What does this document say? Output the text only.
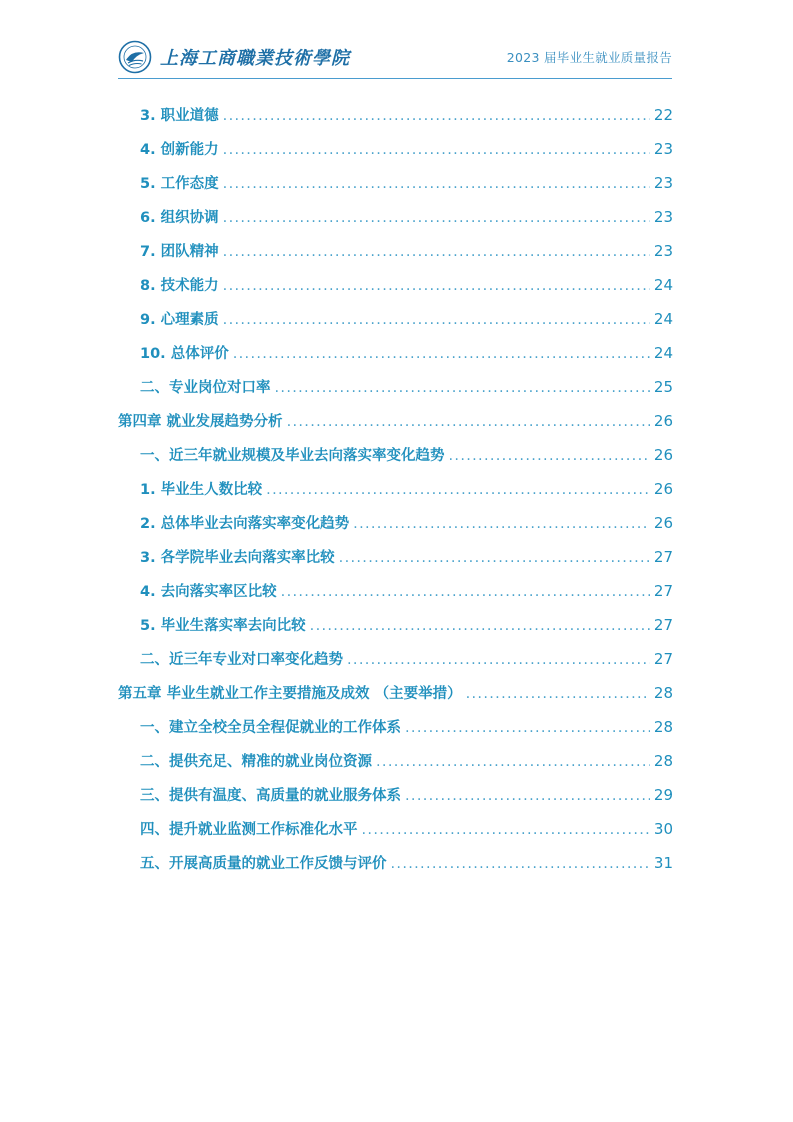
上海工商職業技術學院	2023 届毕业生就业质量报告
3. 职业道德 .....	22
4. 创新能力 .....	23
5. 工作态度 .....	23
6. 组织协调 .....	23
7. 团队精神 .....	23
8. 技术能力 .....	24
9. 心理素质 .....	24
10. 总体评价 .....	24
二、专业岗位对口率 .....	25
第四章 就业发展趋势分析 .....	26
一、近三年就业规模及毕业去向落实率变化趋势 .....	26
1. 毕业生人数比较 .....	26
2. 总体毕业去向落实率变化趋势 .....	26
3. 各学院毕业去向落实率比较 .....	27
4. 去向落实率区比较 .....	27
5. 毕业生落实率去向比较 .....	27
二、近三年专业对口率变化趋势 .....	27
第五章 毕业生就业工作主要措施及成效 （主要举措） .....	28
一、建立全校全员全程促就业的工作体系 .....	28
二、提供充足、精准的就业岗位资源 .....	28
三、提供有温度、高质量的就业服务体系 .....	29
四、提升就业监测工作标准化水平 .....	30
五、开展高质量的就业工作反馈与评价 .....	31
